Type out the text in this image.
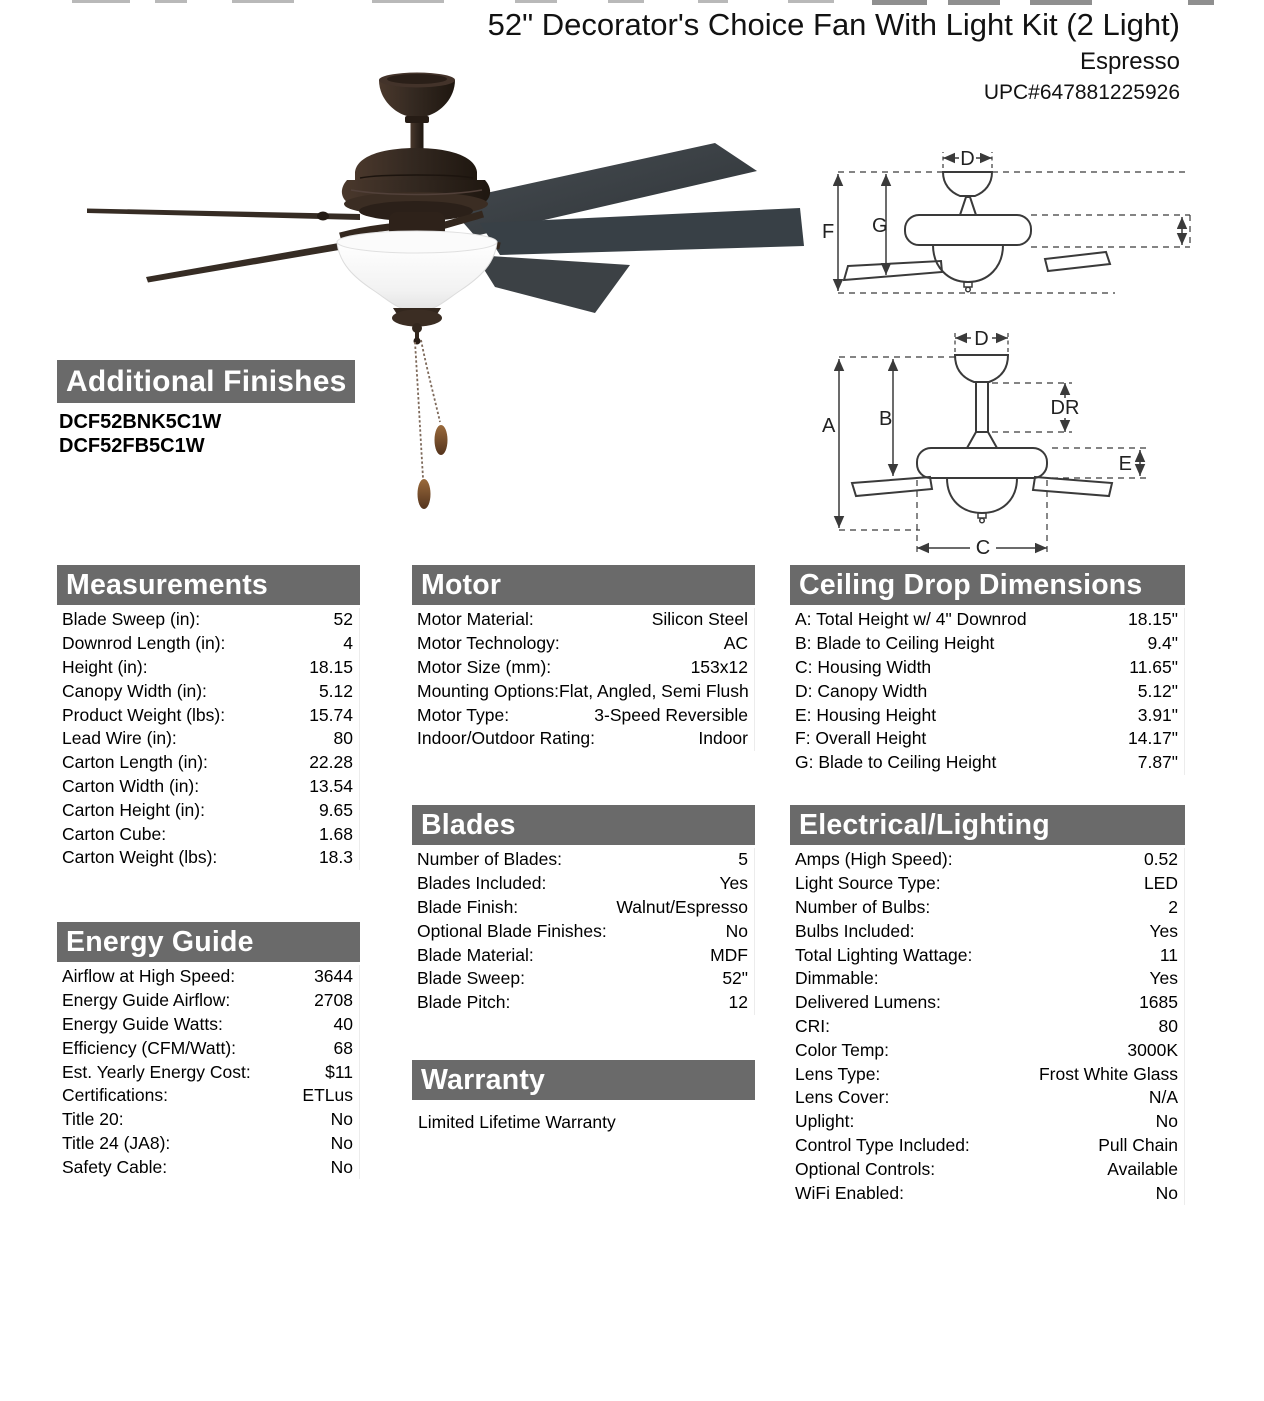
52" Decorator's Choice Fan With Light Kit (2 Light)
Espresso
UPC#647881225926
Additional Finishes
DCF52BNK5C1W
DCF52FB5C1W
D
G
F
D
A B	DR
E
C
Measurements
Blade Sweep (in):	52
Downrod Length (in):	4
Height (in):	18.15
Canopy Width (in):	5.12
Product Weight (lbs):	15.74
Lead Wire (in):	80
Carton Length (in):	22.28
Carton Width (in):	13.54
Carton Height (in):	9.65
Carton Cube:	1.68
Carton Weight (lbs):	18.3
Energy Guide
Airflow at High Speed:	3644
Energy Guide Airflow:	2708
Energy Guide Watts:	40
Efficiency (CFM/Watt):	68
Est. Yearly Energy Cost:	$11
Certifications:	ETLus
Title 20:	No
Title 24 (JA8):	No
Safety Cable:	No
Motor
Motor Material:	Silicon Steel
Motor Technology:	AC
Motor Size (mm):	153x12
Mounting Options: Flat, Angled, Semi Flush
Motor Type:	3-Speed Reversible
Indoor/Outdoor Rating:	Indoor
Blades
Number of Blades:	5
Blades Included:	Yes
Blade Finish:	Walnut/Espresso
Optional Blade Finishes:	No
Blade Material:	MDF
Blade Sweep:	52"
Blade Pitch:	12
Warranty
Limited Lifetime Warranty
Ceiling Drop Dimensions
A: Total Height w/ 4" Downrod	18.15"
B: Blade to Ceiling Height	9.4"
C: Housing Width	11.65"
D: Canopy Width	5.12"
E: Housing Height	3.91"
F: Overall Height	14.17"
G: Blade to Ceiling Height	7.87"
Electrical/Lighting
Amps (High Speed):	0.52
Light Source Type:	LED
Number of Bulbs:	2
Bulbs Included:	Yes
Total Lighting Wattage:	11
Dimmable:	Yes
Delivered Lumens:	1685
CRI:	80
Color Temp:	3000K
Lens Type:	Frost White Glass
Lens Cover:	N/A
Uplight:	No
Control Type Included:	Pull Chain
Optional Controls:	Available
WiFi Enabled:	No
